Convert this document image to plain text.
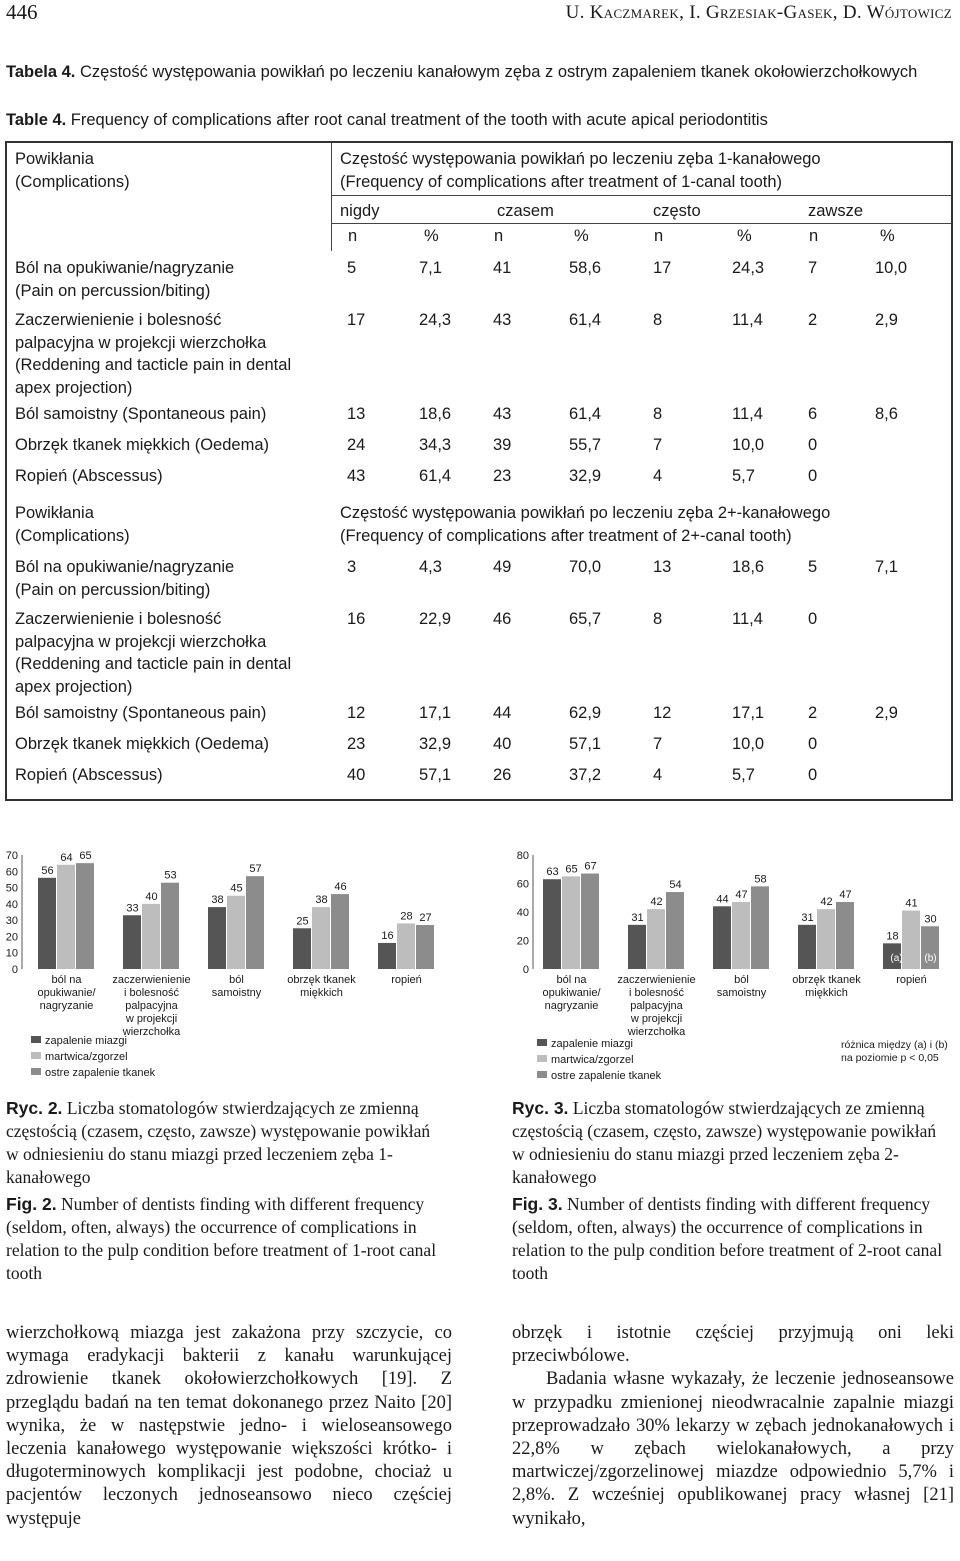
446	U. Kaczmarek, I. Grzesiak-Gasek, D. Wójtowicz
Tabela 4. Częstość występowania powikłań po leczeniu kanałowym zęba z ostrym zapaleniem tkanek okołowierzchołkowych
Table 4. Frequency of complications after root canal treatment of the tooth with acute apical periodontitis
Powikłania
(Complications)
Częstość występowania powikłań po leczeniu zęba 1-kanałowego
(Frequency of complications after treatment of 1-canal tooth)
nigdy	czasem	często	zawsze
n	%	n	%	n	%	n	%
Ból na opukiwanie/nagryzanie
(Pain on percussion/biting)
5	7,1	41	58,6	17	24,3	7	10,0
Zaczerwienienie i bolesność
palpacyjna w projekcji wierzchołka
(Reddening and tacticle pain in dental
apex projection)
17	24,3	43	61,4	8	11,4	2	2,9
Ból samoistny (Spontaneous pain)	13	18,6	43	61,4	8	11,4	6	8,6
Obrzęk tkanek miękkich (Oedema)	24	34,3	39	55,7	7	10,0	0
Ropień (Abscessus)	43	61,4	23	32,9	4	5,7	0
Powikłania
(Complications)
Częstość występowania powikłań po leczeniu zęba 2+-kanałowego
(Frequency of complications after treatment of 2+-canal tooth)
Ból na opukiwanie/nagryzanie
(Pain on percussion/biting)
3	4,3	49	70,0	13	18,6	5	7,1
Zaczerwienienie i bolesność
palpacyjna w projekcji wierzchołka
(Reddening and tacticle pain in dental
apex projection)
16	22,9	46	65,7	8	11,4	0
Ból samoistny (Spontaneous pain)	12	17,1	44	62,9	12	17,1	2	2,9
Obrzęk tkanek miękkich (Oedema)	23	32,9	40	57,1	7	10,0	0
Ropień (Abscessus)	40	57,1	26	37,2	4	5,7	0
0
10
20
30
40
50
60
70
56
64 65
ból na
opukiwanie/
nagryzanie
33
40
53
zaczerwienienie
i bolesność
palpacyjna
w projekcji
wierzchołka
38
45
57
ból
samoistny
25
38
46
obrzęk tkanek
miękkich
16
28 27
ropień
zapalenie miazgi
martwica/zgorzel
ostre zapalenie tkanek
0
20
40
60
80
63 65 67
ból na
opukiwanie/
nagryzanie
31
42
54
zaczerwienienie
i bolesność
palpacyjna
w projekcji
wierzchołka
44 47
58
ból
samoistny
31
42
47
obrzęk tkanek
miękkich
18
41
30
ropień
(a) (b)
różnica między (a) i (b)
na poziomie p < 0,05
zapalenie miazgi
martwica/zgorzel
ostre zapalenie tkanek
Ryc. 2. Liczba stomatologów stwierdzających ze zmienną częstością (czasem, często, zawsze) występowanie powikłań w odniesieniu do stanu miazgi przed leczeniem zęba 1-kanałowego
Fig. 2. Number of dentists finding with different frequency (seldom, often, always) the occurrence of complications in relation to the pulp condition before treatment of 1-root canal tooth
Ryc. 3. Liczba stomatologów stwierdzających ze zmienną częstością (czasem, często, zawsze) występowanie powikłań w odniesieniu do stanu miazgi przed leczeniem zęba 2-kanałowego
Fig. 3. Number of dentists finding with different frequency (seldom, often, always) the occurrence of complications in relation to the pulp condition before treatment of 2-root canal tooth

wierzchołkową miazga jest zakażona przy szczycie, co wymaga eradykacji bakterii z kanału warunkującej zdrowienie tkanek okołowierzchołkowych [19]. Z przeglądu badań na ten temat dokonanego przez Naito [20] wynika, że w następstwie jedno- i wieloseansowego leczenia kanałowego występowanie większości krótko- i długoterminowych komplikacji jest podobne, chociaż u pacjentów leczonych jednoseansowo nieco częściej występuje

obrzęk i istotnie częściej przyjmują oni leki przeciwbólowe.

Badania własne wykazały, że leczenie jednoseansowe w przypadku zmienionej nieodwracalnie zapalnie miazgi przeprowadzało 30% lekarzy w zębach jednokanałowych i 22,8% w zębach wielokanałowych, a przy martwiczej/zgorzelinowej miazdze odpowiednio 5,7% i 2,8%. Z wcześniej opublikowanej pracy własnej [21] wynikało,
